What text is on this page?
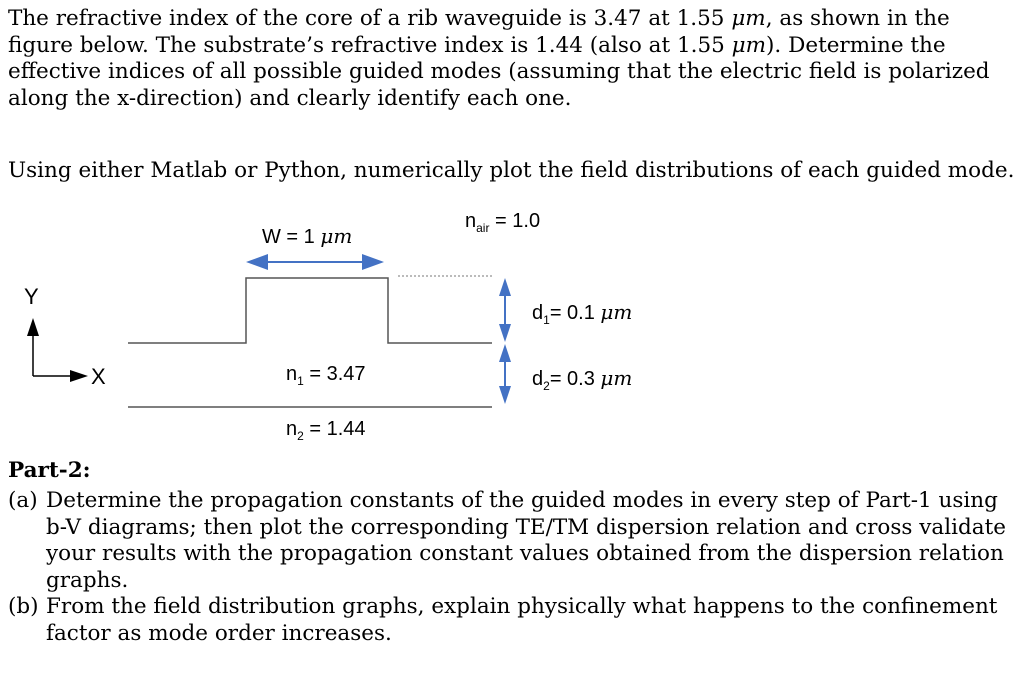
The refractive index of the core of a rib waveguide is 3.47 at 1.55 μm, as shown in the figure below. The substrate’s refractive index is 1.44 (also at 1.55 μm). Determine the effective indices of all possible guided modes (assuming that the electric field is polarized along the x-direction) and clearly identify each one.
Using either Matlab or Python, numerically plot the field distributions of each guided mode.
W = 1 μm
$n_{air} = 1.0$
$d_1= 0.1$ μm
$d_2= 0.3$ μm
$n_1 = 3.47$
$n_2 = 1.44$
Y
X
Part-2:
(a) Determine the propagation constants of the guided modes in every step of Part-1 using b-V diagrams; then plot the corresponding TE/TM dispersion relation and cross validate your results with the propagation constant values obtained from the dispersion relation graphs.
(b) From the field distribution graphs, explain physically what happens to the confinement factor as mode order increases.
